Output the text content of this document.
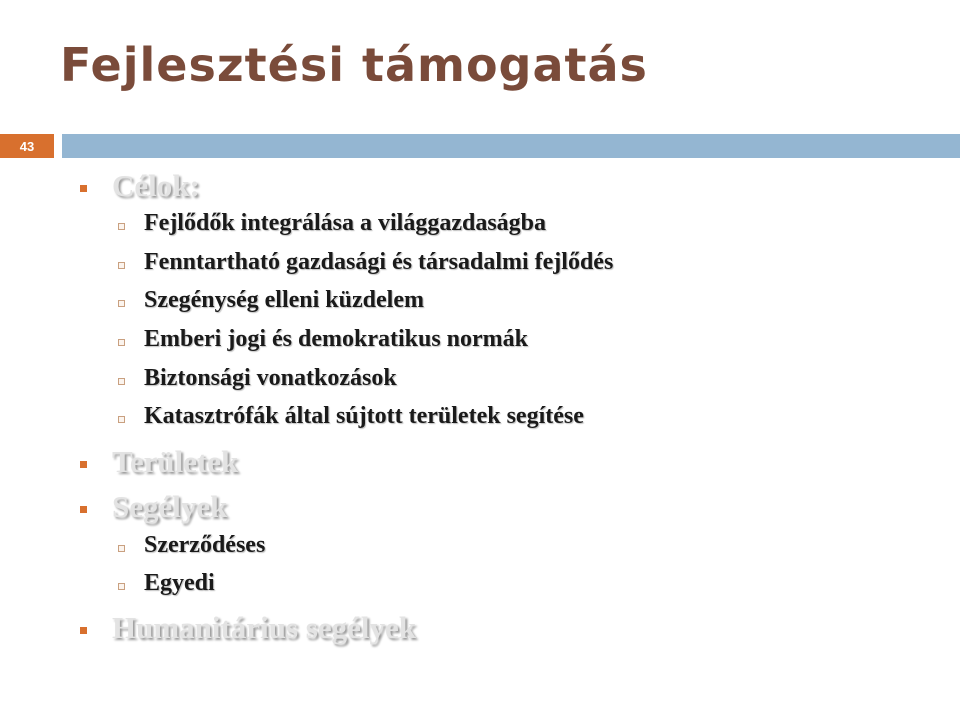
Fejlesztési támogatás
43
Célok:
Fejlődők integrálása a világgazdaságba
Fenntartható gazdasági és társadalmi fejlődés
Szegénység elleni küzdelem
Emberi jogi és demokratikus normák
Biztonsági vonatkozások
Katasztrófák által sújtott területek segítése
Területek
Segélyek
Szerződéses
Egyedi
Humanitárius segélyek
